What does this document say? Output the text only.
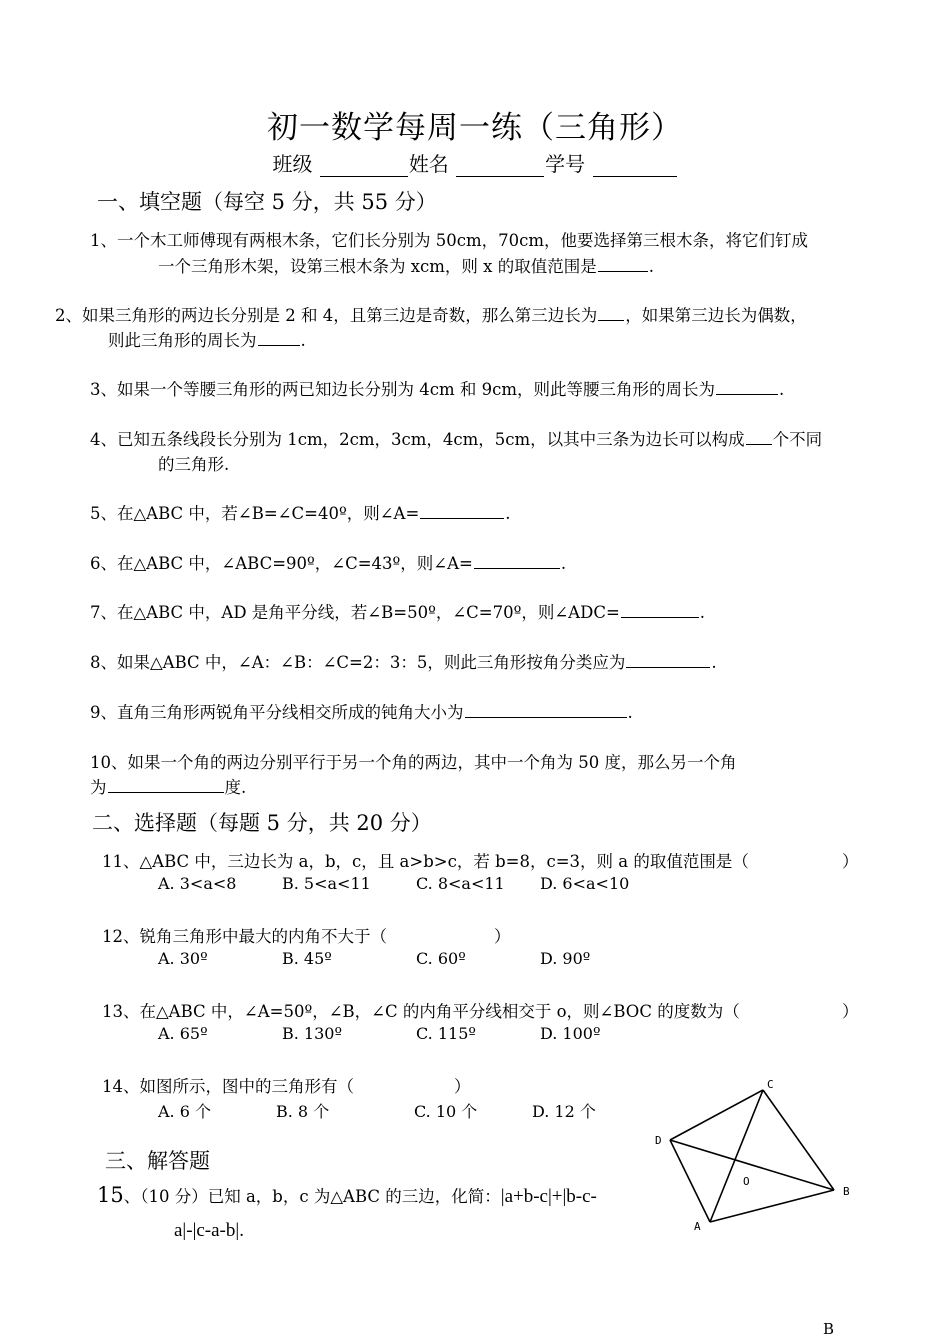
初一数学每周一练（三角形）
班级	姓名	学号
一、填空题（每空 5 分，共 55 分）
1、一个木工师傅现有两根木条，它们长分别为 50cm，70cm，他要选择第三根木条，将它们钉成
一个三角形木架，设第三根木条为 xcm，则 x 的取值范围是	.
2、如果三角形的两边长分别是 2 和 4，且第三边是奇数，那么第三边长为 ，如果第三边长为偶数，
则此三角形的周长为	.
3、如果一个等腰三角形的两已知边长分别为 4cm 和 9cm，则此等腰三角形的周长为	.
4、已知五条线段长分别为 1cm，2cm，3cm，4cm，5cm，以其中三条为边长可以构成 个不同
的三角形.
5、在△ABC 中，若∠B=∠C=40º，则∠A=	.
6、在△ABC 中，∠ABC=90º，∠C=43º，则∠A=	.
7、在△ABC 中，AD 是角平分线，若∠B=50º，∠C=70º，则∠ADC=	.
8、如果△ABC 中，∠A：∠B：∠C=2：3：5，则此三角形按角分类应为	.
9、直角三角形两锐角平分线相交所成的钝角大小为	.
10、如果一个角的两边分别平行于另一个角的两边，其中一个角为 50 度，那么另一个角
为	度.
二、选择题（每题 5 分，共 20 分）
11、△ABC 中，三边长为 a，b，c，且 a>b>c，若 b=8，c=3，则 a 的取值范围是（	）
A. 3<a<8	B. 5<a<11	C. 8<a<11 D. 6<a<10
12、锐角三角形中最大的内角不大于（	）
A. 30º	B. 45º	C. 60º	D. 90º
13、在△ABC 中，∠A=50º，∠B，∠C 的内角平分线相交于 o，则∠BOC 的度数为（	）
A. 65º	B. 130º	C. 115º	D. 100º
14、如图所示，图中的三角形有（	）
A. 6 个	B. 8 个	C. 10 个	D. 12 个
三、解答题
15、（10 分）已知 a，b，c 为△ABC 的三边，化简：|a+b-c|+|b-c-
a|-|c-a-b|.
C
D
B
A
O
B
